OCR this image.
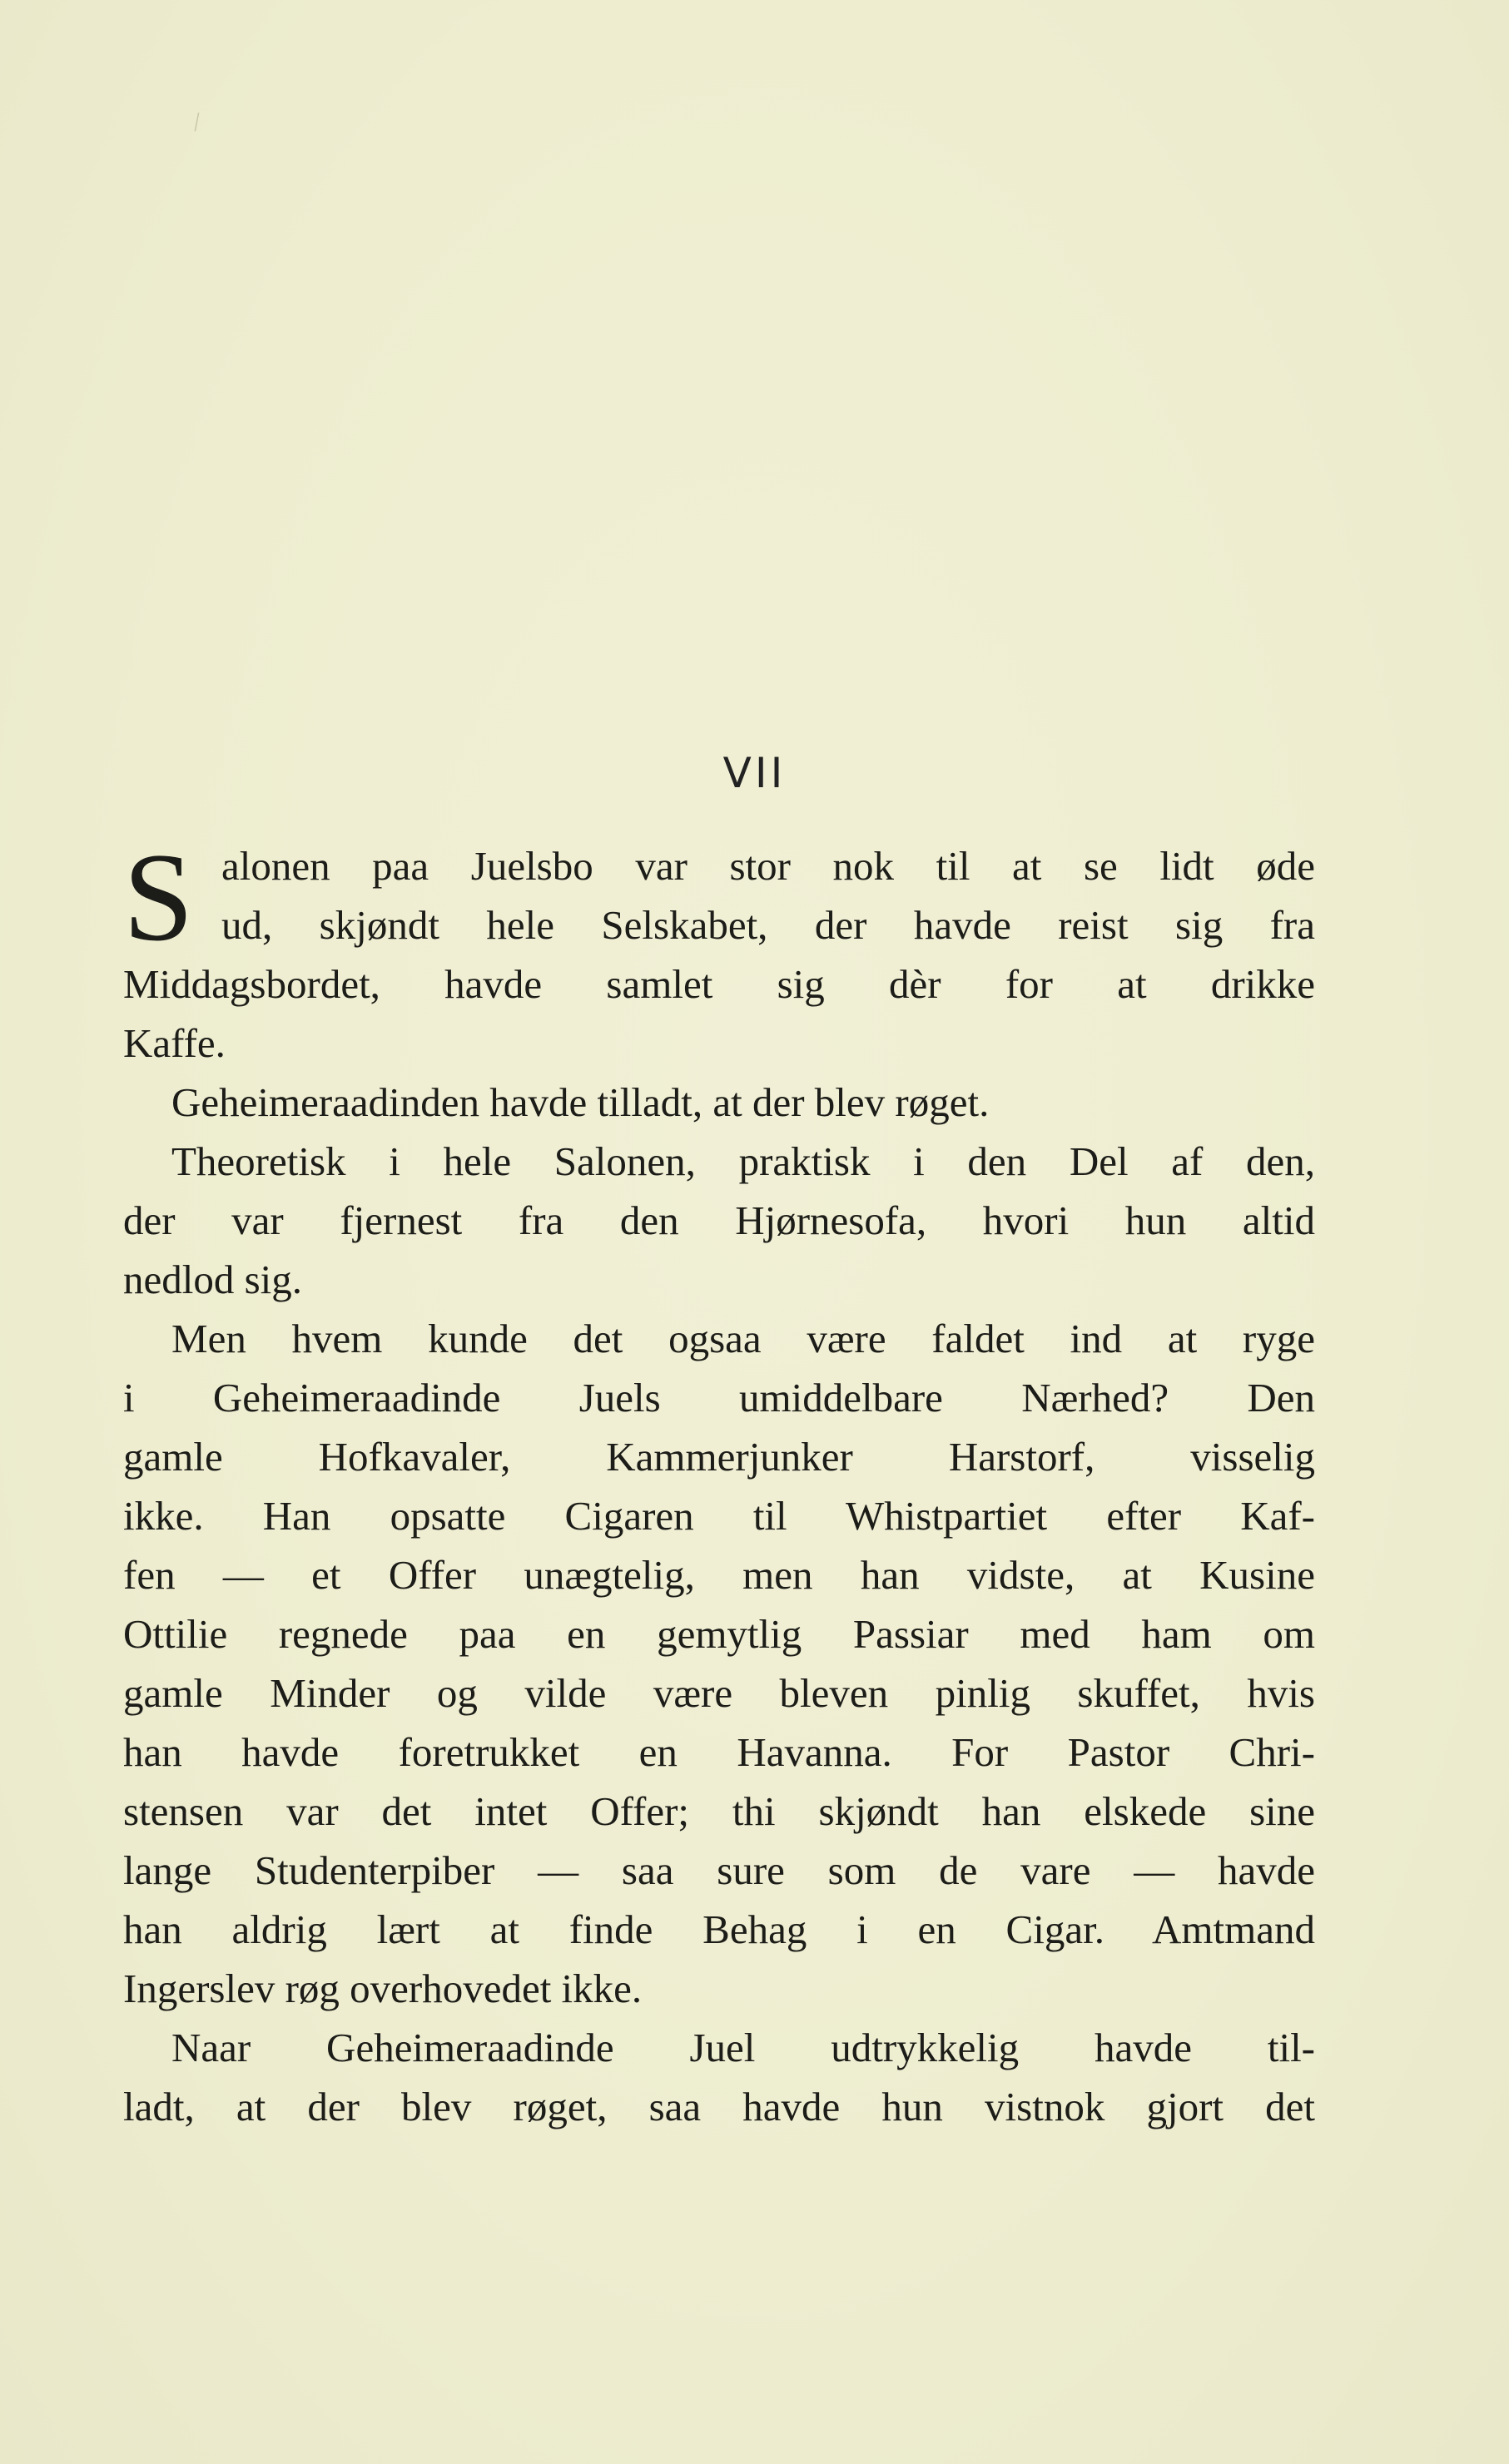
/
VII
S alonen paa Juelsbo var stor nok til at se lidt øde
ud, skjøndt hele Selskabet, der havde reist sig fra
Middagsbordet, havde samlet sig dèr for at drikke
Kaffe.
Geheimeraadinden havde tilladt, at der blev røget.
Theoretisk i hele Salonen, praktisk i den Del af den,
der var fjernest fra den Hjørnesofa, hvori hun altid
nedlod sig.
Men hvem kunde det ogsaa være faldet ind at ryge
i Geheimeraadinde Juels umiddelbare Nærhed? Den
gamle Hofkavaler, Kammerjunker Harstorf, visselig
ikke. Han opsatte Cigaren til Whistpartiet efter Kaf-
fen — et Offer unægtelig, men han vidste, at Kusine
Ottilie regnede paa en gemytlig Passiar med ham om
gamle Minder og vilde være bleven pinlig skuffet, hvis
han havde foretrukket en Havanna. For Pastor Chri-
stensen var det intet Offer; thi skjøndt han elskede sine
lange Studenterpiber — saa sure som de vare — havde
han aldrig lært at finde Behag i en Cigar. Amtmand
Ingerslev røg overhovedet ikke.
Naar Geheimeraadinde Juel udtrykkelig havde til-
ladt, at der blev røget, saa havde hun vistnok gjort det
